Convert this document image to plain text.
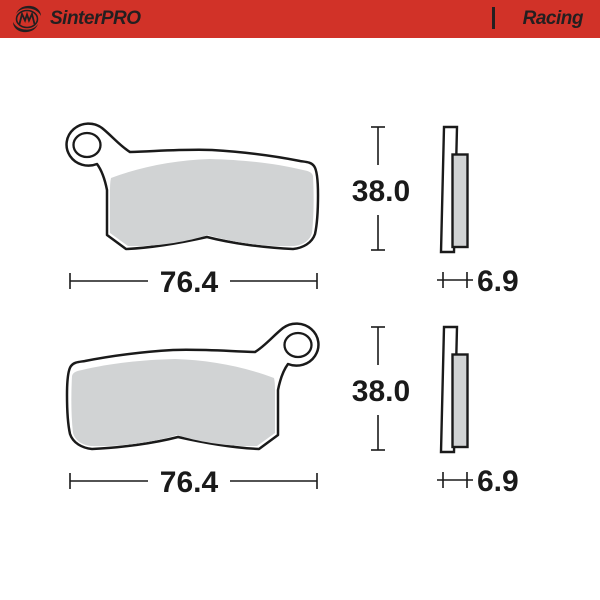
SinterPRO	Racing
76.4
38.0
6.9
76.4
38.0
6.9
